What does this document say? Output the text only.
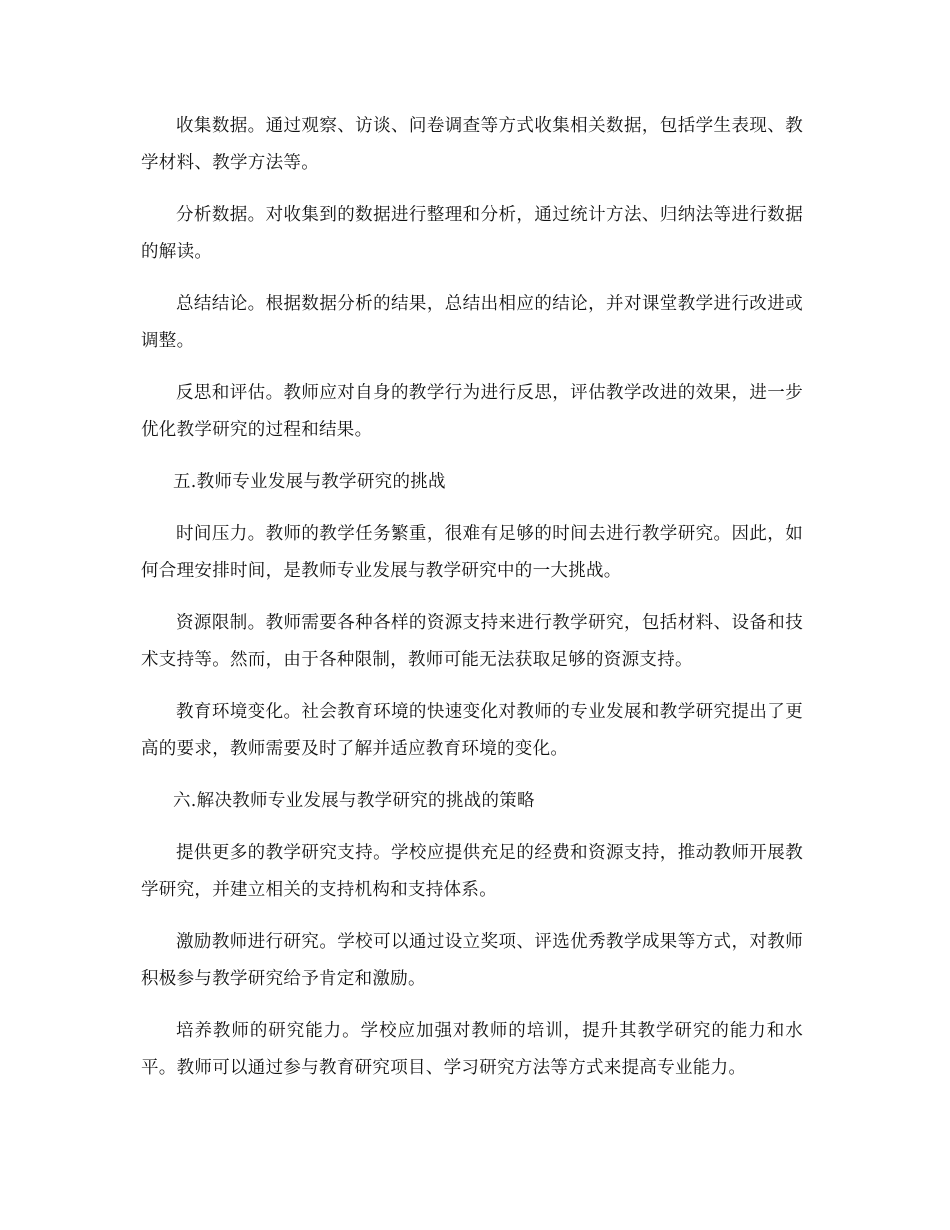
收集数据。通过观察、访谈、问卷调查等方式收集相关数据，包括学生表现、教学材料、教学方法等。

分析数据。对收集到的数据进行整理和分析，通过统计方法、归纳法等进行数据的解读。

总结结论。根据数据分析的结果，总结出相应的结论，并对课堂教学进行改进或调整。

反思和评估。教师应对自身的教学行为进行反思，评估教学改进的效果，进一步优化教学研究的过程和结果。

五.教师专业发展与教学研究的挑战

时间压力。教师的教学任务繁重，很难有足够的时间去进行教学研究。因此，如何合理安排时间，是教师专业发展与教学研究中的一大挑战。

资源限制。教师需要各种各样的资源支持来进行教学研究，包括材料、设备和技术支持等。然而，由于各种限制，教师可能无法获取足够的资源支持。

教育环境变化。社会教育环境的快速变化对教师的专业发展和教学研究提出了更高的要求，教师需要及时了解并适应教育环境的变化。

六.解决教师专业发展与教学研究的挑战的策略

提供更多的教学研究支持。学校应提供充足的经费和资源支持，推动教师开展教学研究，并建立相关的支持机构和支持体系。

激励教师进行研究。学校可以通过设立奖项、评选优秀教学成果等方式，对教师积极参与教学研究给予肯定和激励。

培养教师的研究能力。学校应加强对教师的培训，提升其教学研究的能力和水平。教师可以通过参与教育研究项目、学习研究方法等方式来提高专业能力。
